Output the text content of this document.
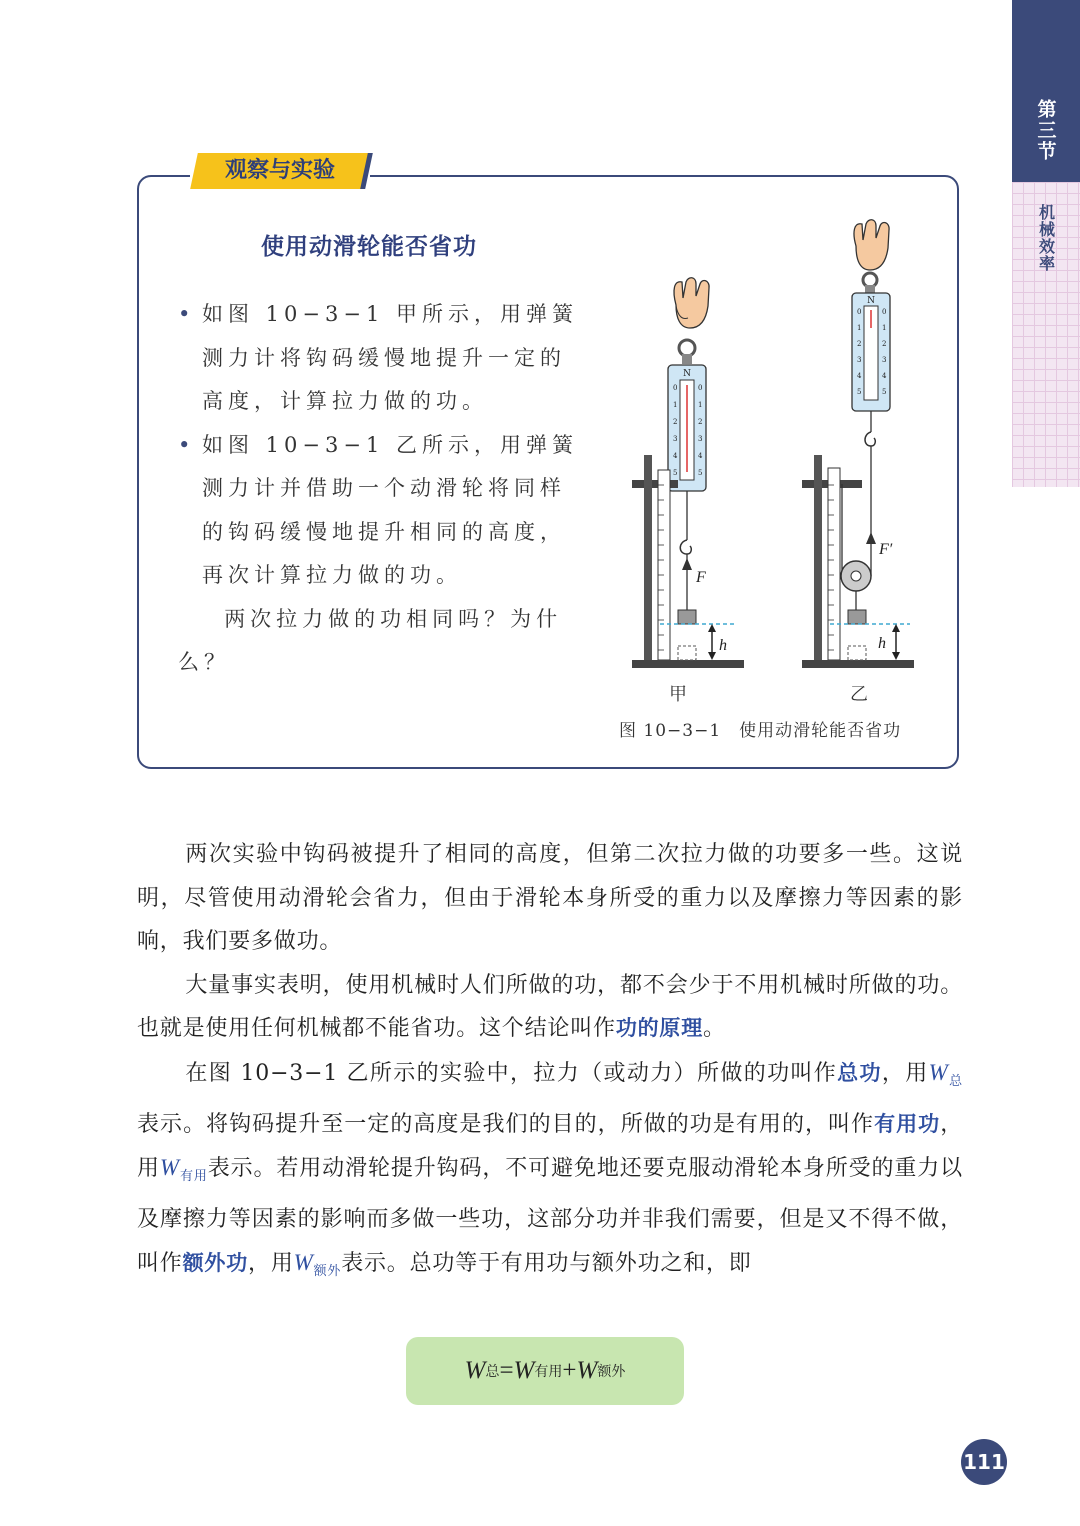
第三节
机械效率
观察与实验
使用动滑轮能否省功

• 如图 10−3−1 甲所示，用弹簧测力计将钩码缓慢地提升一定的高度，计算拉力做的功。

• 如图 10−3−1 乙所示，用弹簧测力计并借助一个动滑轮将同样的钩码缓慢地提升相同的高度，再次计算拉力做的功。

两次拉力做的功相同吗？为什么？

N
0
1
2
3
4
5
0
1
2
3
4
5
F
h
N
0
1
2
3
4
5
0
1
2
3
4
5
F′
h
甲	乙
图 10−3−1　使用动滑轮能否省功

两次实验中钩码被提升了相同的高度，但第二次拉力做的功要多一些。这说明，尽管使用动滑轮会省力，但由于滑轮本身所受的重力以及摩擦力等因素的影响，我们要多做功。

大量事实表明，使用机械时人们所做的功，都不会少于不用机械时所做的功。也就是使用任何机械都不能省功。这个结论叫作功的原理。

在图 10−3−1 乙所示的实验中，拉力（或动力）所做的功叫作总功，用$W_总$表示。将钩码提升至一定的高度是我们的目的，所做的功是有用的，叫作有用功，用$W_{有用}$表示。若用动滑轮提升钩码，不可避免地还要克服动滑轮本身所受的重力以及摩擦力等因素的影响而多做一些功，这部分功并非我们需要，但是又不得不做，叫作额外功，用$W_{额外}$表示。总功等于有用功与额外功之和，即

W 总 = W 有用 + W 额外
111
